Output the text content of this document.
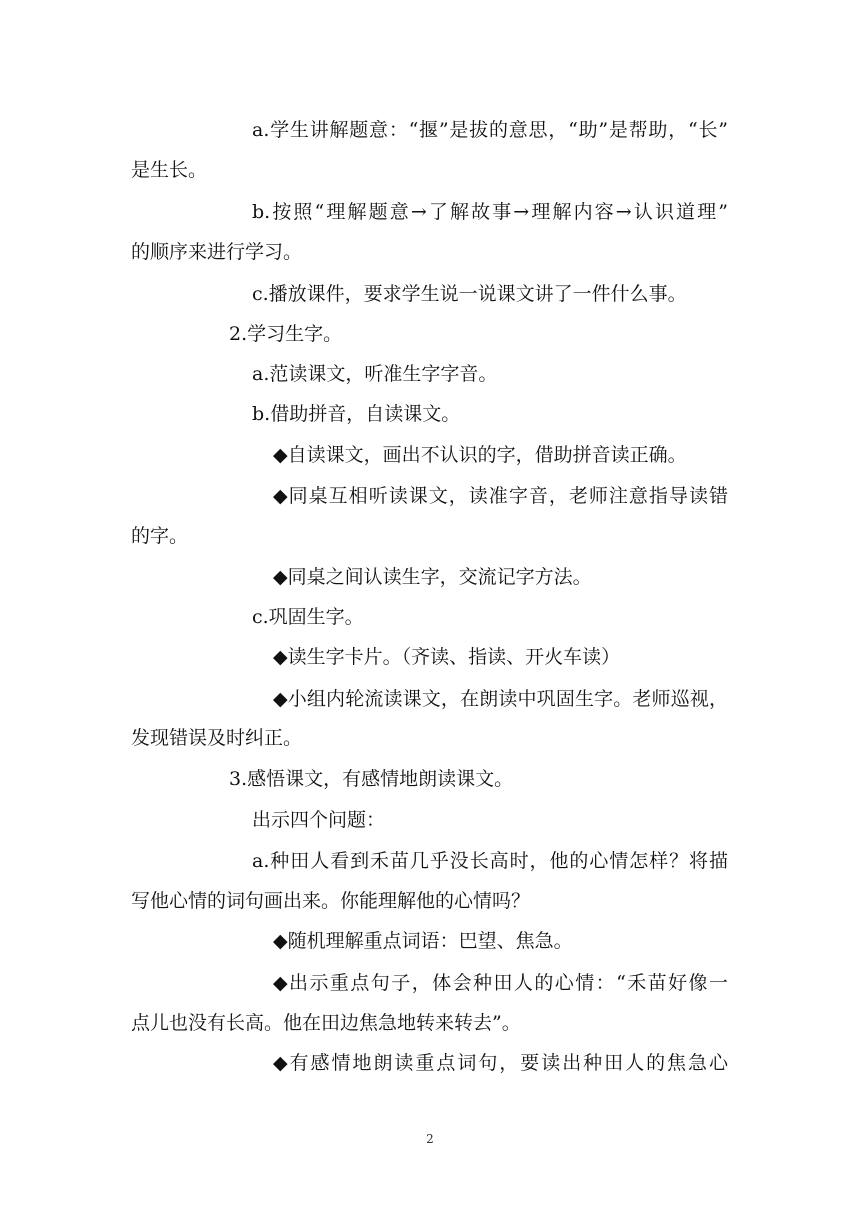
a.学生讲解题意：“揠”是拔的意思，“助”是帮助，“长”
是生长。
b.按照“理解题意→了解故事→理解内容→认识道理”
的顺序来进行学习。
c.播放课件，要求学生说一说课文讲了一件什么事。
2.学习生字。
a.范读课文，听准生字字音。
b.借助拼音，自读课文。
◆自读课文，画出不认识的字，借助拼音读正确。
◆同桌互相听读课文，读准字音，老师注意指导读错
的字。
◆同桌之间认读生字，交流记字方法。
c.巩固生字。
◆读生字卡片。（齐读、指读、开火车读）
◆小组内轮流读课文，在朗读中巩固生字。老师巡视，
发现错误及时纠正。
3.感悟课文，有感情地朗读课文。
出示四个问题：
a.种田人看到禾苗几乎没长高时，他的心情怎样？将描
写他心情的词句画出来。你能理解他的心情吗？
◆随机理解重点词语：巴望、焦急。
◆出示重点句子，体会种田人的心情：“禾苗好像一
点儿也没有长高。他在田边焦急地转来转去”。
◆有感情地朗读重点词句，要读出种田人的焦急心
2
